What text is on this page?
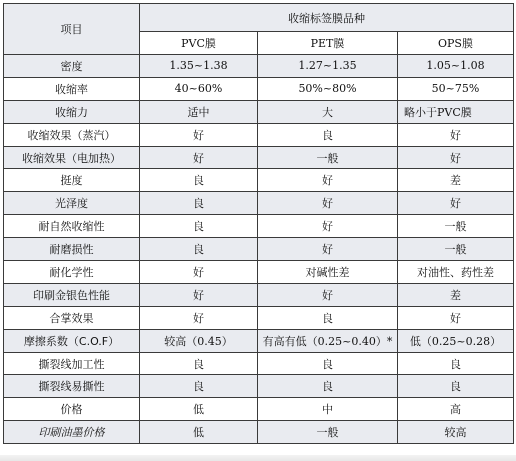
项目	收缩标签膜品种		
	PVC膜	PET膜	OPS膜
密度	1.35~1.38	1.27~1.35	1.05~1.08
收缩率	40~60%	50%~80%	50~75%
收缩力	适中	大	略小于PVC膜
收缩效果（蒸汽）	好	良	好
收缩效果（电加热）	好	一般	好
挺度	良	好	差
光泽度	良	好	好
耐自然收缩性	良	好	一般
耐磨损性	良	好	一般
耐化学性	好	对碱性差	对油性、药性差
印刷金银色性能	好	好	差
合掌效果	好	良	好
摩擦系数（C.O.F）	较高（0.45）	有高有低（0.25~0.40）*	低（0.25~0.28）
撕裂线加工性	良	良	良
撕裂线易撕性	良	良	良
价格	低	中	高
印刷油墨价格	低	一般	较高
